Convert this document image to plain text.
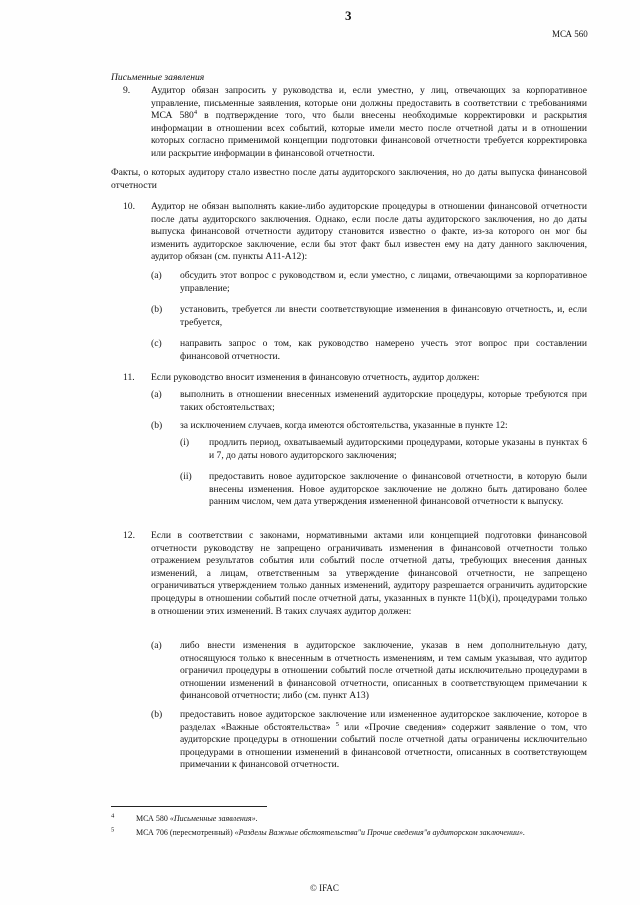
3
МСА 560
Письменные заявления
9.	Аудитор обязан запросить у руководства и, если уместно, у лиц, отвечающих за корпоративное управление, письменные заявления, которые они должны предоставить в соответствии с требованиями МСА $580^4$ в подтверждение того, что были внесены необходимые корректировки и раскрытия информации в отношении всех событий, которые имели место после отчетной даты и в отношении которых согласно применимой концепции подготовки финансовой отчетности требуется корректировка или раскрытие информации в финансовой отчетности.
Факты, о которых аудитору стало известно после даты аудиторского заключения, но до даты выпуска финансовой отчетности
10.	Аудитор не обязан выполнять какие-либо аудиторские процедуры в отношении финансовой отчетности после даты аудиторского заключения. Однако, если после даты аудиторского заключения, но до даты выпуска финансовой отчетности аудитору становится известно о факте, из-за которого он мог бы изменить аудиторское заключение, если бы этот факт был известен ему на дату данного заключения, аудитор обязан (см. пункты А11-А12):
(a) обсудить этот вопрос с руководством и, если уместно, с лицами, отвечающими за корпоративное управление;
(b) установить, требуется ли внести соответствующие изменения в финансовую отчетность, и, если требуется,
(c) направить запрос о том, как руководство намерено учесть этот вопрос при составлении финансовой отчетности.
11.	Если руководство вносит изменения в финансовую отчетность, аудитор должен:
(a) выполнить в отношении внесенных изменений аудиторские процедуры, которые требуются при таких обстоятельствах;
(b) за исключением случаев, когда имеются обстоятельства, указанные в пункте 12:
(i) продлить период, охватываемый аудиторскими процедурами, которые указаны в пунктах 6 и 7, до даты нового аудиторского заключения;
(ii) предоставить новое аудиторское заключение о финансовой отчетности, в которую были внесены изменения. Новое аудиторское заключение не должно быть датировано более ранним числом, чем дата утверждения измененной финансовой отчетности к выпуску.
12.	Если в соответствии с законами, нормативными актами или концепцией подготовки финансовой отчетности руководству не запрещено ограничивать изменения в финансовой отчетности только отражением результатов события или событий после отчетной даты, требующих внесения данных изменений, а лицам, ответственным за утверждение финансовой отчетности, не запрещено ограничиваться утверждением только данных изменений, аудитору разрешается ограничить аудиторские процедуры в отношении событий после отчетной даты, указанных в пункте 11(b)(i), процедурами только в отношении этих изменений. В таких случаях аудитор должен:
(a) либо внести изменения в аудиторское заключение, указав в нем дополнительную дату, относящуюся только к внесенным в отчетность изменениям, и тем самым указывая, что аудитор ограничил процедуры в отношении событий после отчетной даты исключительно процедурами в отношении изменений в финансовой отчетности, описанных в соответствующем примечании к финансовой отчетности; либо (см. пункт А13)
(b) предоставить новое аудиторское заключение или измененное аудиторское заключение, которое в разделах «Важные обстоятельства» $^5$ или «Прочие сведения» содержит заявление о том, что аудиторские процедуры в отношении событий после отчетной даты ограничены исключительно процедурами в отношении изменений в финансовой отчетности, описанных в соответствующем примечании к финансовой отчетности.
$^4$	МСА 580 «Письменные заявления».
$^5$	МСА 706 (пересмотренный) «Разделы Важные обстоятельства"и Прочие сведения"в аудиторском заключении».
© IFAC
